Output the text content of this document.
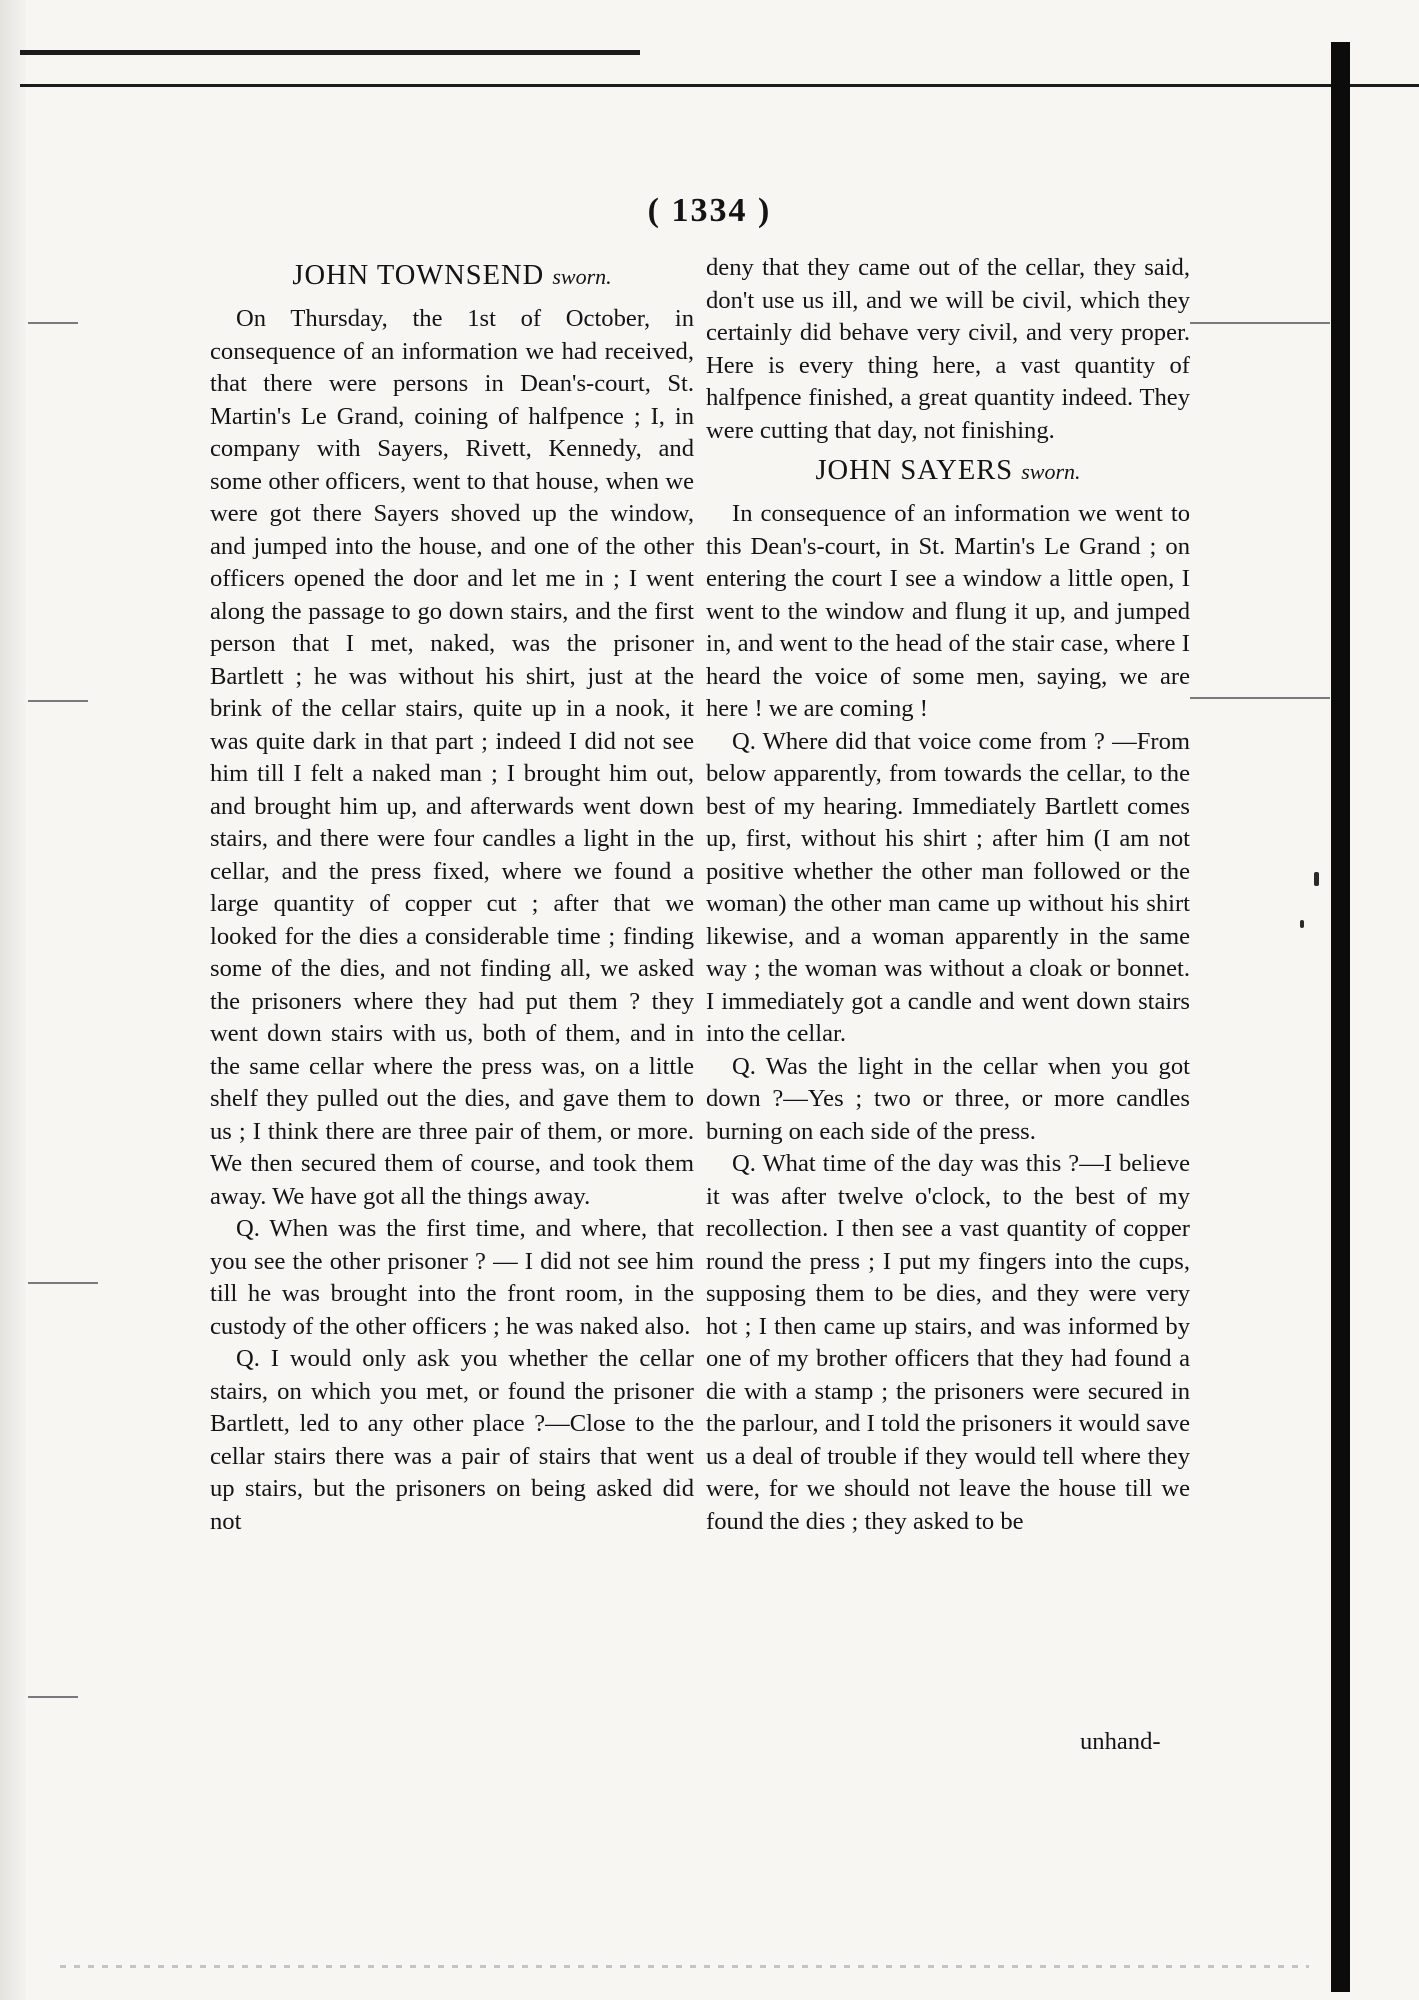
( 1334 )
JOHN TOWNSEND sworn.

On Thursday, the 1st of October, in consequence of an information we had received, that there were persons in Dean's-court, St. Martin's Le Grand, coining of halfpence ; I, in company with Sayers, Rivett, Kennedy, and some other officers, went to that house, when we were got there Sayers shoved up the window, and jumped into the house, and one of the other officers opened the door and let me in ; I went along the passage to go down stairs, and the first person that I met, naked, was the prisoner Bartlett ; he was without his shirt, just at the brink of the cellar stairs, quite up in a nook, it was quite dark in that part ; indeed I did not see him till I felt a naked man ; I brought him out, and brought him up, and afterwards went down stairs, and there were four candles a light in the cellar, and the press fixed, where we found a large quantity of copper cut ; after that we looked for the dies a considerable time ; finding some of the dies, and not finding all, we asked the prisoners where they had put them ? they went down stairs with us, both of them, and in the same cellar where the press was, on a little shelf they pulled out the dies, and gave them to us ; I think there are three pair of them, or more. We then secured them of course, and took them away. We have got all the things away.

Q. When was the first time, and where, that you see the other prisoner ? — I did not see him till he was brought into the front room, in the custody of the other officers ; he was naked also.

Q. I would only ask you whether the cellar stairs, on which you met, or found the prisoner Bartlett, led to any other place ?—Close to the cellar stairs there was a pair of stairs that went up stairs, but the prisoners on being asked did not

deny that they came out of the cellar, they said, don't use us ill, and we will be civil, which they certainly did behave very civil, and very proper. Here is every thing here, a vast quantity of halfpence finished, a great quantity indeed. They were cutting that day, not finishing.

JOHN SAYERS sworn.

In consequence of an information we went to this Dean's-court, in St. Martin's Le Grand ; on entering the court I see a window a little open, I went to the window and flung it up, and jumped in, and went to the head of the stair case, where I heard the voice of some men, saying, we are here ! we are coming !

Q. Where did that voice come from ? —From below apparently, from towards the cellar, to the best of my hearing. Immediately Bartlett comes up, first, without his shirt ; after him (I am not positive whether the other man followed or the woman) the other man came up without his shirt likewise, and a woman apparently in the same way ; the woman was without a cloak or bonnet. I immediately got a candle and went down stairs into the cellar.

Q. Was the light in the cellar when you got down ?—Yes ; two or three, or more candles burning on each side of the press.

Q. What time of the day was this ?—I believe it was after twelve o'clock, to the best of my recollection. I then see a vast quantity of copper round the press ; I put my fingers into the cups, supposing them to be dies, and they were very hot ; I then came up stairs, and was informed by one of my brother officers that they had found a die with a stamp ; the prisoners were secured in the parlour, and I told the prisoners it would save us a deal of trouble if they would tell where they were, for we should not leave the house till we found the dies ; they asked to be

unhand-
